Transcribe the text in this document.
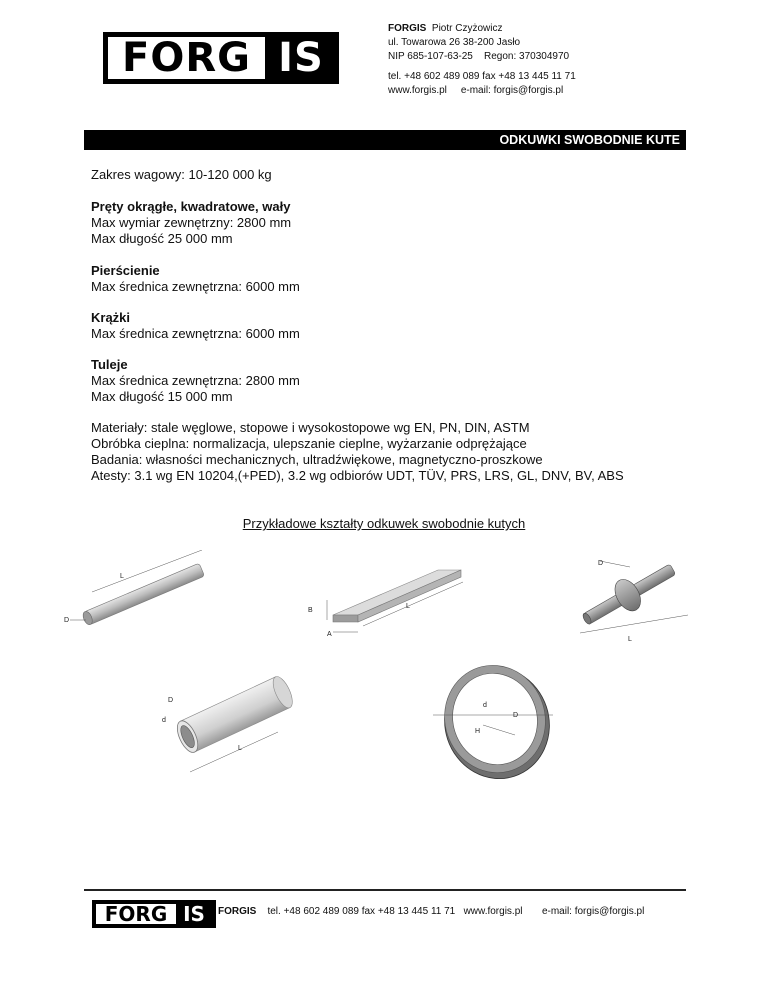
FORG IS
FORGIS Piotr Czyżowicz
ul. Towarowa 26 38-200 Jasło
NIP 685-107-63-25 Regon: 370304970
tel. +48 602 489 089 fax +48 13 445 11 71
www.forgis.pl e-mail: forgis@forgis.pl
ODKUWKI SWOBODNIE KUTE
Zakres wagowy: 10-120 000 kg
Pręty okrągłe, kwadratowe, wały
Max wymiar zewnętrzny: 2800 mm
Max długość 25 000 mm
Pierścienie
Max średnica zewnętrzna: 6000 mm
Krążki
Max średnica zewnętrzna: 6000 mm
Tuleje
Max średnica zewnętrzna: 2800 mm
Max długość 15 000 mm
Materiały: stale węglowe, stopowe i wysokostopowe wg EN, PN, DIN, ASTM
Obróbka cieplna: normalizacja, ulepszanie cieplne, wyżarzanie odprężające
Badania: własności mechanicznych, ultradźwiękowe, magnetyczno-proszkowe
Atesty: 3.1 wg EN 10204,(+PED), 3.2 wg odbiorów UDT, TÜV, PRS, LRS, GL, DNV, BV, ABS
Przykładowe kształty odkuwek swobodnie kutych
L
D
B
L
A
D
L
D
d
L
d
D
H
FORG IS	FORGIS tel. +48 602 489 089 fax +48 13 445 11 71 www.forgis.pl e-mail: forgis@forgis.pl
